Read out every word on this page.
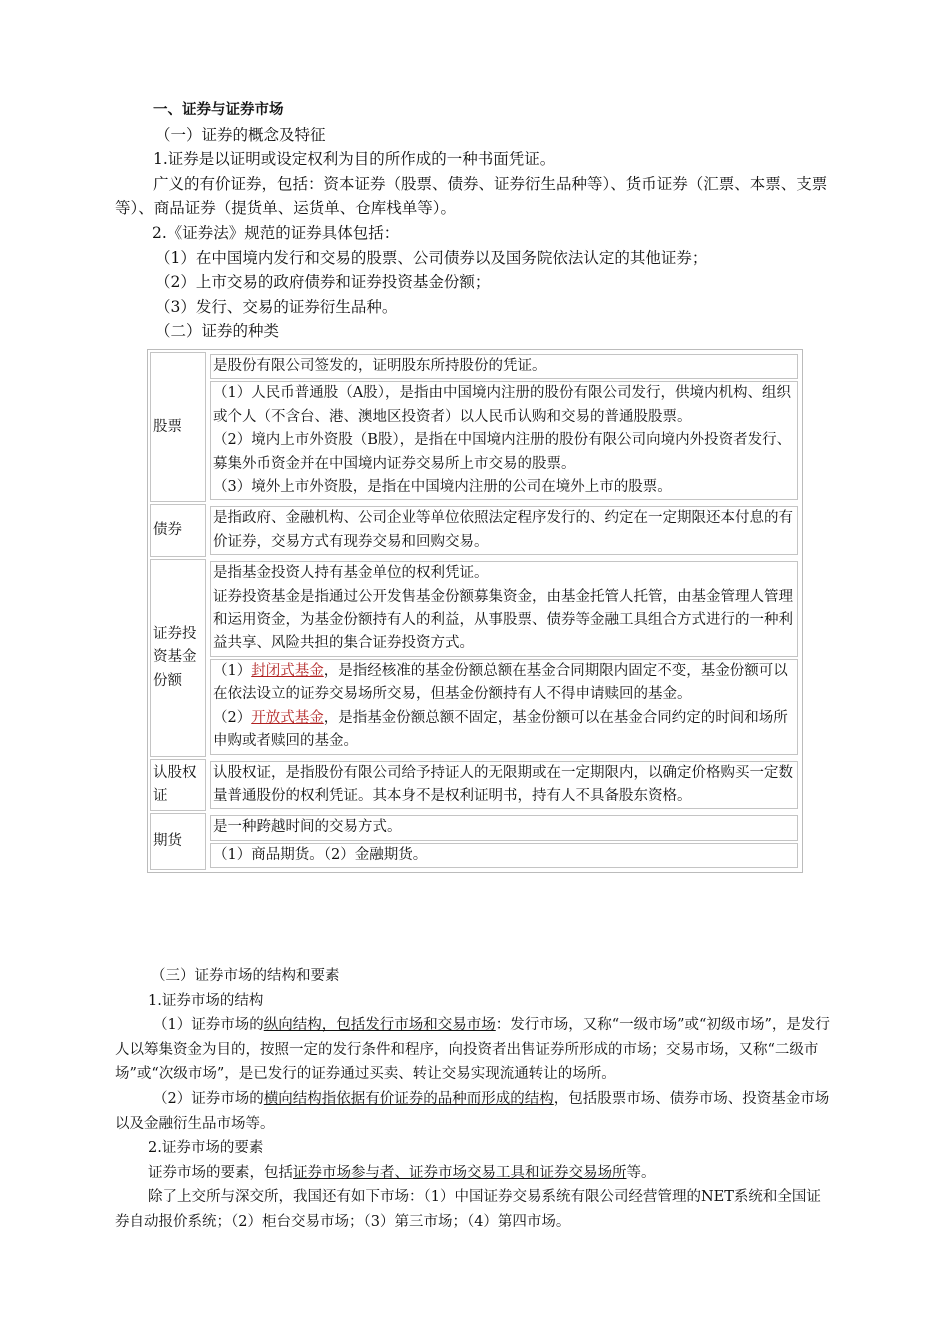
一、证券与证券市场

（一）证券的概念及特征

1.证券是以证明或设定权利为目的所作成的一种书面凭证。

广义的有价证券，包括：资本证券（股票、债券、证券衍生品种等）、货币证券（汇票、本票、支票等）、商品证券（提货单、运货单、仓库栈单等）。

2.《证券法》规范的证券具体包括：

（1）在中国境内发行和交易的股票、公司债券以及国务院依法认定的其他证券；

（2）上市交易的政府债券和证券投资基金份额；

（3）发行、交易的证券衍生品种。

（二）证券的种类

股票	
是股份有限公司签发的，证明股东所持股份的凭证。

（1）人民币普通股（A股），是指由中国境内注册的股份有限公司发行，供境内机构、组织或个人（不含台、港、澳地区投资者）以人民币认购和交易的普通股股票。
（2）境内上市外资股（B股），是指在中国境内注册的股份有限公司向境内外投资者发行、募集外币资金并在中国境内证券交易所上市交易的股票。
（3）境外上市外资股，是指在中国境内注册的公司在境外上市的股票。

债券	
是指政府、金融机构、公司企业等单位依照法定程序发行的、约定在一定期限还本付息的有价证券，交易方式有现券交易和回购交易。

证券投资基金份额	
是指基金投资人持有基金单位的权利凭证。
证券投资基金是指通过公开发售基金份额募集资金，由基金托管人托管，由基金管理人管理和运用资金，为基金份额持有人的利益，从事股票、债券等金融工具组合方式进行的一种利益共享、风险共担的集合证券投资方式。

（1）封闭式基金，是指经核准的基金份额总额在基金合同期限内固定不变，基金份额可以在依法设立的证券交易场所交易，但基金份额持有人不得申请赎回的基金。
（2）开放式基金，是指基金份额总额不固定，基金份额可以在基金合同约定的时间和场所申购或者赎回的基金。

认股权证	
认股权证，是指股份有限公司给予持证人的无限期或在一定期限内，以确定价格购买一定数量普通股份的权利凭证。其本身不是权利证明书，持有人不具备股东资格。

期货	
是一种跨越时间的交易方式。
（1）商品期货。（2）金融期货。

（三）证券市场的结构和要素

1.证券市场的结构

（1）证券市场的纵向结构，包括发行市场和交易市场：发行市场，又称“一级市场”或“初级市场”，是发行人以筹集资金为目的，按照一定的发行条件和程序，向投资者出售证券所形成的市场；交易市场，又称“二级市场”或“次级市场”，是已发行的证券通过买卖、转让交易实现流通转让的场所。

（2）证券市场的横向结构指依据有价证券的品种而形成的结构，包括股票市场、债券市场、投资基金市场以及金融衍生品市场等。

2.证券市场的要素

证券市场的要素，包括证券市场参与者、证券市场交易工具和证券交易场所等。

除了上交所与深交所，我国还有如下市场：（1）中国证券交易系统有限公司经营管理的NET系统和全国证券自动报价系统；（2）柜台交易市场；（3）第三市场；（4）第四市场。
